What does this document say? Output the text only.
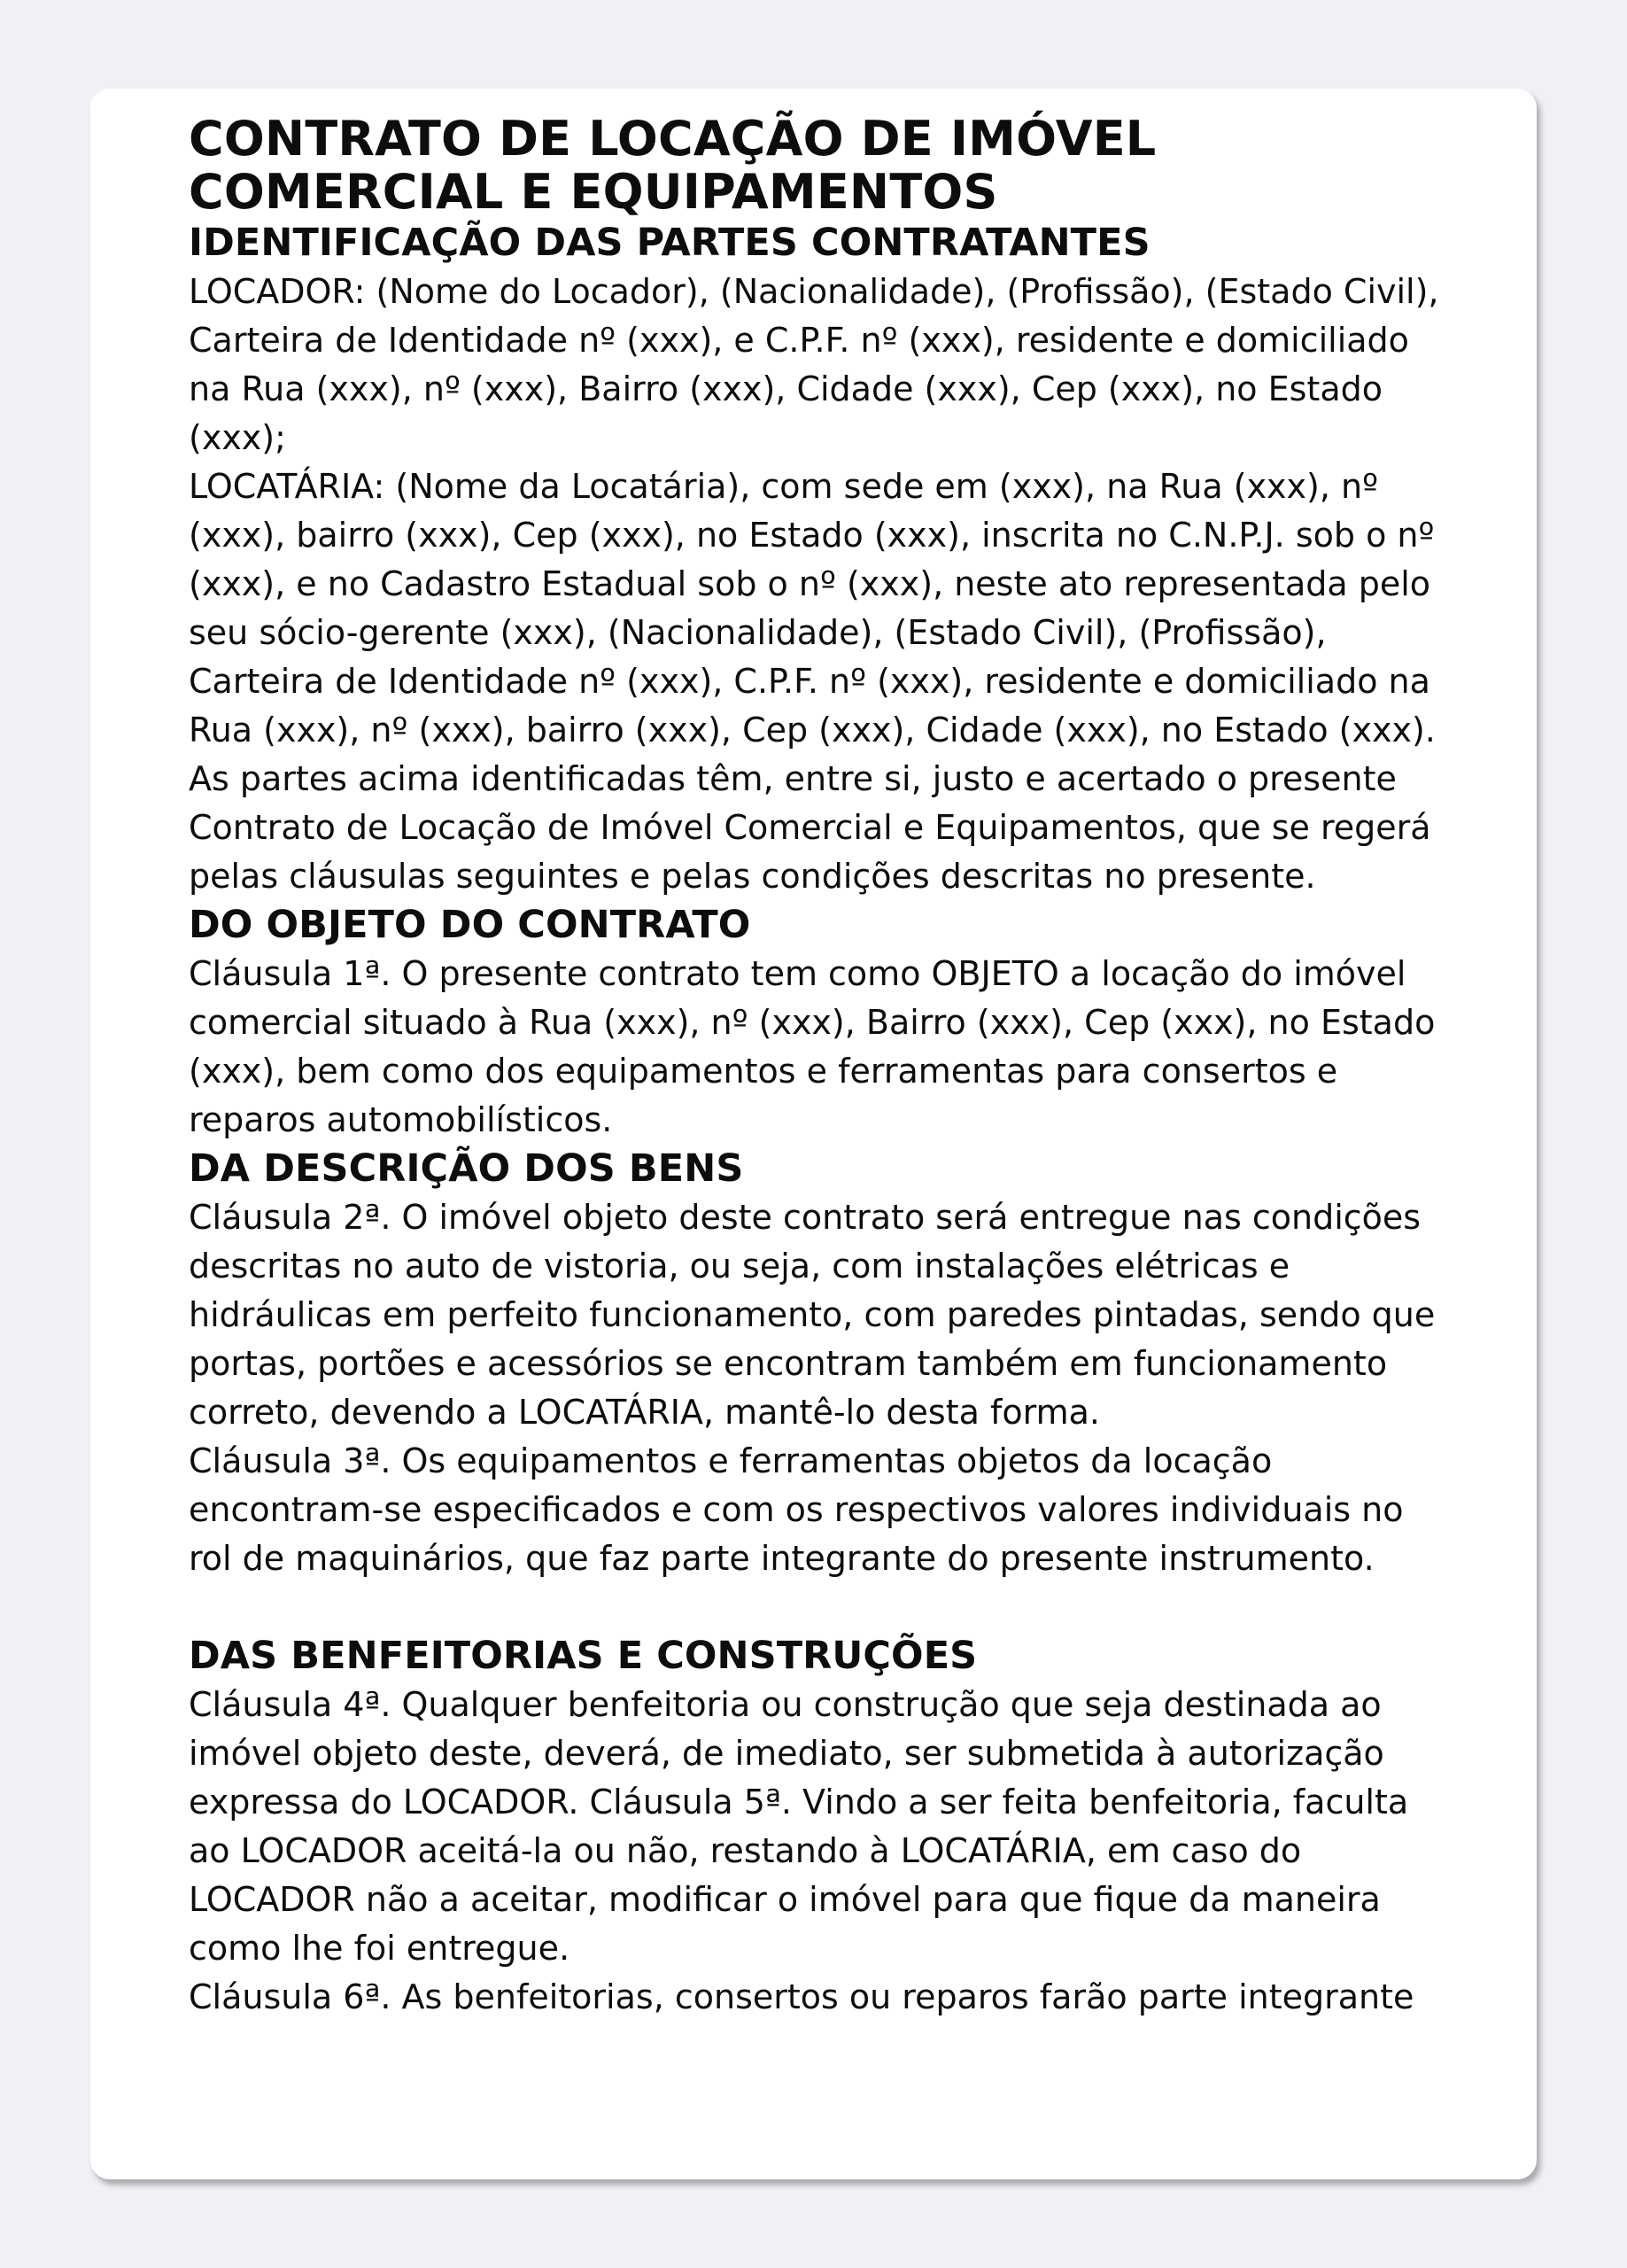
CONTRATO DE LOCAÇÃO DE IMÓVEL
COMERCIAL E EQUIPAMENTOS
IDENTIFICAÇÃO DAS PARTES CONTRATANTES

LOCADOR: (Nome do Locador), (Nacionalidade), (Profissão), (Estado Civil), Carteira de Identidade nº (xxx), e C.P.F. nº (xxx), residente e domiciliado na Rua (xxx), nº (xxx), Bairro (xxx), Cidade (xxx), Cep (xxx), no Estado (xxx);

LOCATÁRIA: (Nome da Locatária), com sede em (xxx), na Rua (xxx), nº (xxx), bairro (xxx), Cep (xxx), no Estado (xxx), inscrita no C.N.P.J. sob o nº (xxx), e no Cadastro Estadual sob o nº (xxx), neste ato representada pelo seu sócio-gerente (xxx), (Nacionalidade), (Estado Civil), (Profissão), Carteira de Identidade nº (xxx), C.P.F. nº (xxx), residente e domiciliado na Rua (xxx), nº (xxx), bairro (xxx), Cep (xxx), Cidade (xxx), no Estado (xxx).

As partes acima identificadas têm, entre si, justo e acertado o presente Contrato de Locação de Imóvel Comercial e Equipamentos, que se regerá pelas cláusulas seguintes e pelas condições descritas no presente.

DO OBJETO DO CONTRATO

Cláusula 1ª. O presente contrato tem como OBJETO a locação do imóvel comercial situado à Rua (xxx), nº (xxx), Bairro (xxx), Cep (xxx), no Estado (xxx), bem como dos equipamentos e ferramentas para consertos e reparos automobilísticos.

DA DESCRIÇÃO DOS BENS

Cláusula 2ª. O imóvel objeto deste contrato será entregue nas condições descritas no auto de vistoria, ou seja, com instalações elétricas e hidráulicas em perfeito funcionamento, com paredes pintadas, sendo que portas, portões e acessórios se encontram também em funcionamento correto, devendo a LOCATÁRIA, mantê-lo desta forma.

Cláusula 3ª. Os equipamentos e ferramentas objetos da locação encontram-se especificados e com os respectivos valores individuais no rol de maquinários, que faz parte integrante do presente instrumento.

DAS BENFEITORIAS E CONSTRUÇÕES

Cláusula 4ª. Qualquer benfeitoria ou construção que seja destinada ao imóvel objeto deste, deverá, de imediato, ser submetida à autorização expressa do LOCADOR. Cláusula 5ª. Vindo a ser feita benfeitoria, faculta ao LOCADOR aceitá-la ou não, restando à LOCATÁRIA, em caso do LOCADOR não a aceitar, modificar o imóvel para que fique da maneira como lhe foi entregue.

Cláusula 6ª. As benfeitorias, consertos ou reparos farão parte integrante
